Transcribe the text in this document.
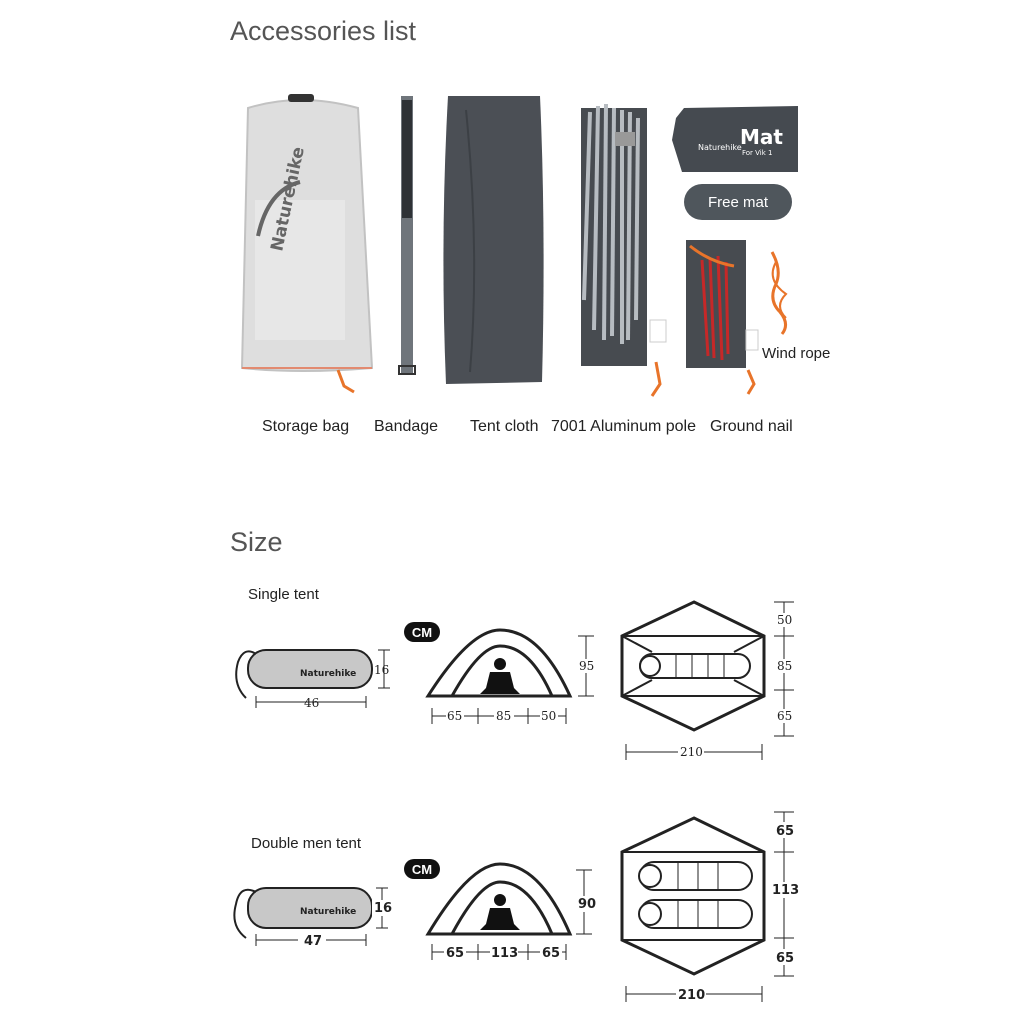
Accessories list
Naturehike	Naturehike
Mat
For Vik 1
Free mat
Wind rope
Storage bag Bandage Tent cloth 7001 Aluminum pole Ground nail
Size
Single tent
CM
Naturehike
46
16
65	85 50
95
50
85
65
210
Double men tent
CM
Naturehike
47
16
65 113 65
90
65
113
65
210
